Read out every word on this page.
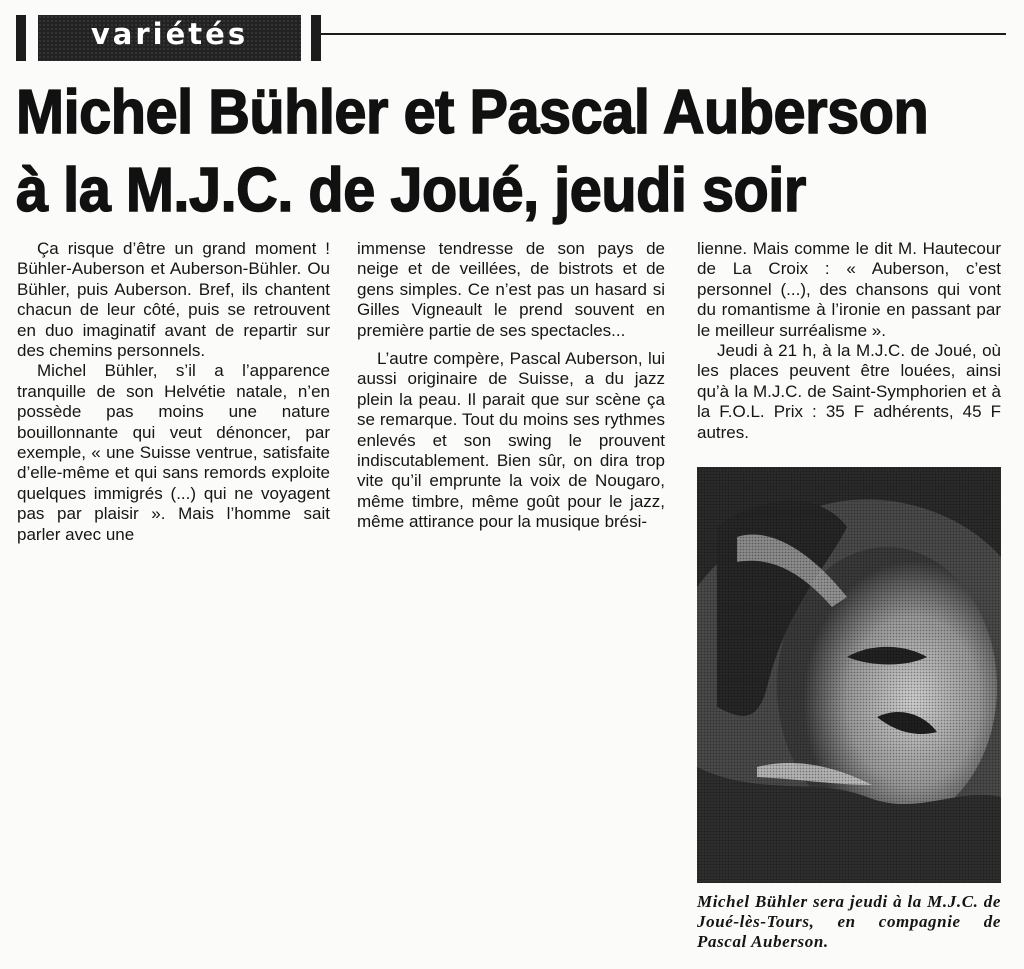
variétés
Michel Bühler et Pascal Auberson
à la M.J.C. de Joué, jeudi soir

Ça risque d’être un grand moment ! Bühler-Auberson et Auberson-Bühler. Ou Bühler, puis Auberson. Bref, ils chantent chacun de leur côté, puis se retrouvent en duo imaginatif avant de repartir sur des chemins personnels.

Michel Bühler, s’il a l’apparence tranquille de son Helvétie natale, n’en possède pas moins une nature bouillonnante qui veut dénoncer, par exemple, « une Suisse ventrue, satisfaite d’elle-même et qui sans remords exploite quelques immigrés (...) qui ne voyagent pas par plaisir ». Mais l’homme sait parler avec une

immense tendresse de son pays de neige et de veillées, de bistrots et de gens simples. Ce n’est pas un hasard si Gilles Vigneault le prend souvent en première partie de ses spectacles...

L’autre compère, Pascal Auberson, lui aussi originaire de Suisse, a du jazz plein la peau. Il parait que sur scène ça se remarque. Tout du moins ses rythmes enlevés et son swing le prouvent indiscutablement. Bien sûr, on dira trop vite qu’il emprunte la voix de Nougaro, même timbre, même goût pour le jazz, même attirance pour la musique brési-

lienne. Mais comme le dit M. Hautecour de La Croix : « Auberson, c’est personnel (...), des chansons qui vont du romantisme à l’ironie en passant par le meilleur surréalisme ».

Jeudi à 21 h, à la M.J.C. de Joué, où les places peuvent être louées, ainsi qu’à la M.J.C. de Saint-Symphorien et à la F.O.L. Prix : 35 F adhérents, 45 F autres.

Michel Bühler sera jeudi à la M.J.C. de Joué-lès-Tours, en compagnie de Pascal Auberson.
